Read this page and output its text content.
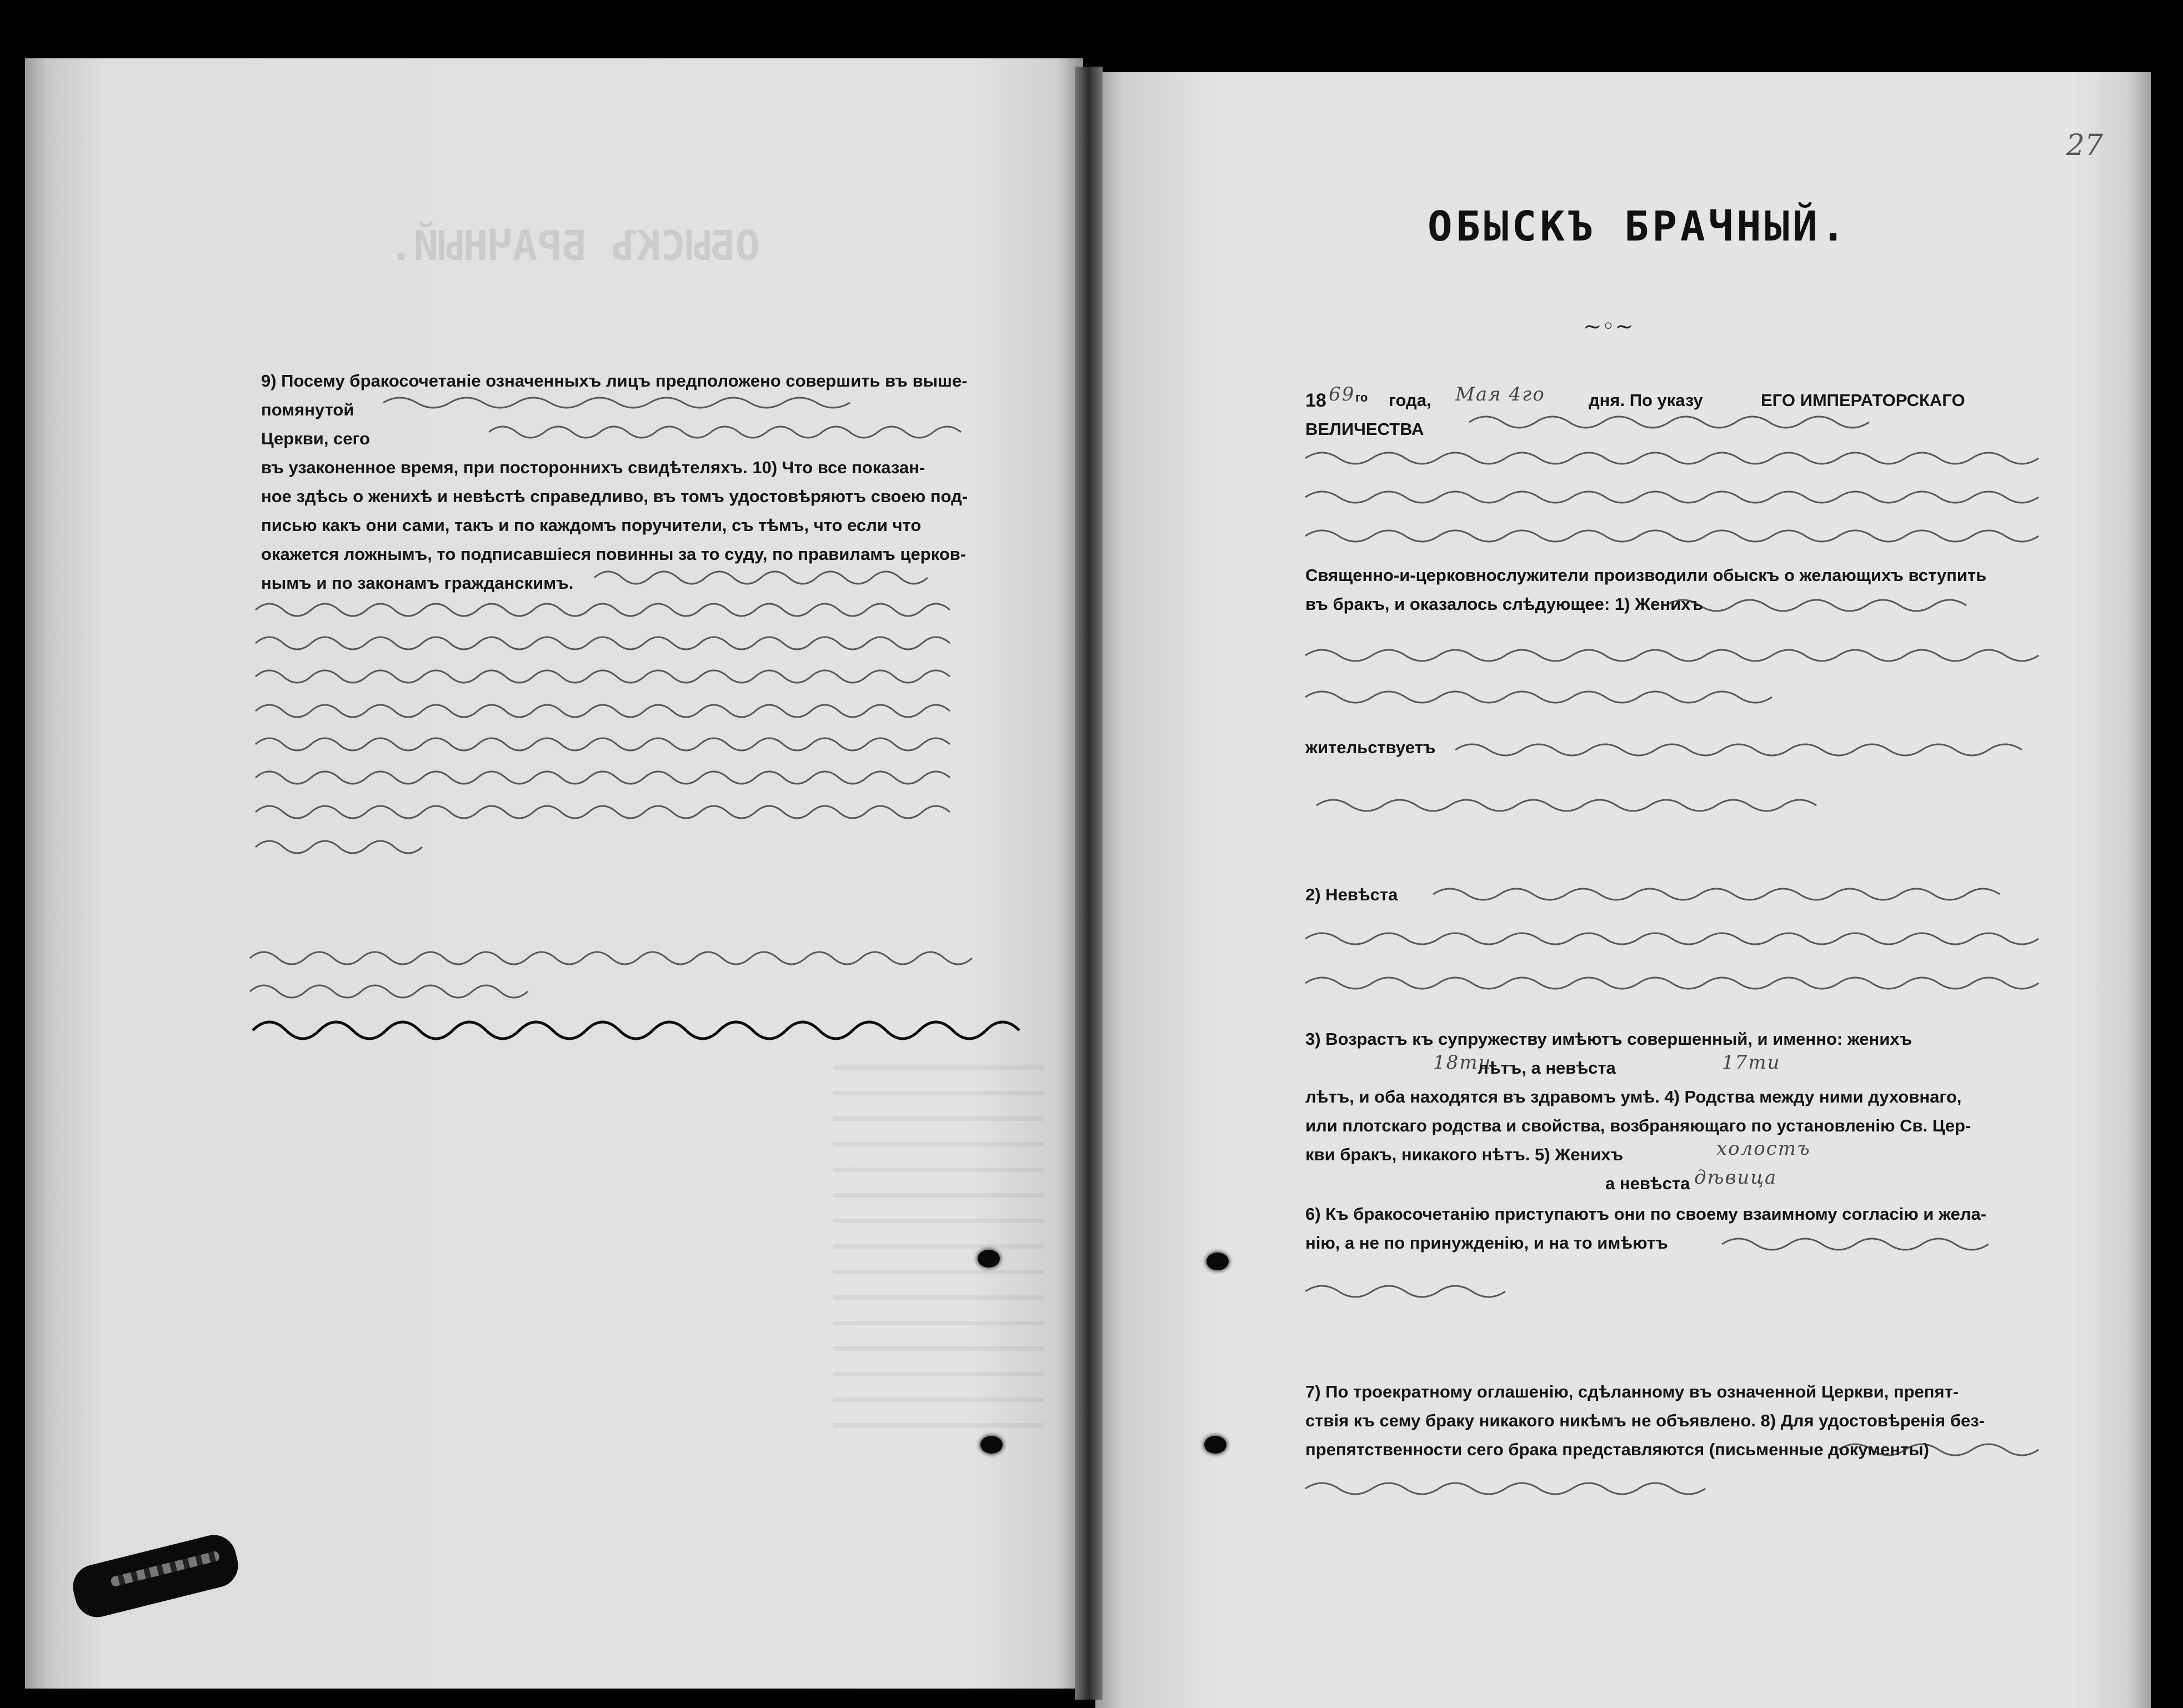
ОБЫСКЪ БРАЧНЫЙ.
9) Посему бракосочетаніе означенныхъ лицъ предположено совершить въ выше-
помянутой
Церкви, сего
въ узаконенное время, при постороннихъ свидѣтеляхъ. 10) Что все показан-
ное здѣсь о женихѣ и невѣстѣ справедливо, въ томъ удостовѣряютъ своею под-
писью какъ они сами, такъ и по каждомъ поручители, съ тѣмъ, что если что
окажется ложнымъ, то подписавшіеся повинны за то суду, по правиламъ церков-
нымъ и по законамъ гражданскимъ.
27
ОБЫСКЪ БРАЧНЫЙ.
~◦~
18 69 го года, Мая 4го	дня. По указу	ЕГО ИМПЕРАТОРСКАГО
ВЕЛИЧЕСТВА
Священно-и-церковнослужители производили обыскъ о желающихъ вступить
въ бракъ, и оказалось слѣдующее: 1) Женихъ
жительствуетъ
2) Невѣста
3) Возрастъ къ супружеству имѣютъ совершенный, и именно: женихъ
18ти
лѣтъ, а невѣста	17ти
лѣтъ, и оба находятся въ здравомъ умѣ. 4) Родства между ними духовнаго,
или плотскаго родства и свойства, возбраняющаго по установленію Св. Цер-
кви бракъ, никакого нѣтъ. 5) Женихъ	холостъ
а невѣста дѣвица
6) Къ бракосочетанію приступаютъ они по своему взаимному согласію и жела-
нію, а не по принужденію, и на то имѣютъ
7) По троекратному оглашенію, сдѣланному въ означенной Церкви, препят-
ствія къ сему браку никакого никѣмъ не объявлено. 8) Для удостовѣренія без-
препятственности сего брака представляются (письменные документы)
